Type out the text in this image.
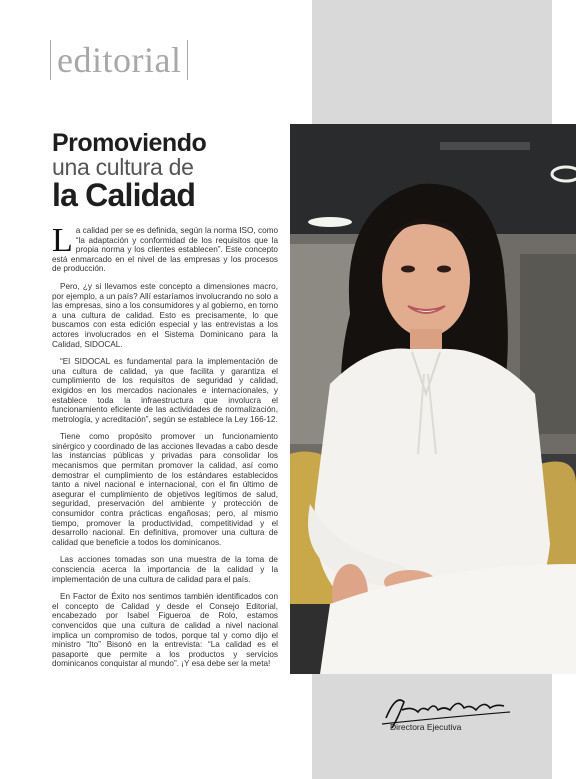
editorial
Promoviendo
una cultura de
la Calidad

La calidad per se es definida, según la norma ISO, como “la adaptación y conformidad de los requisitos que la propia norma y los clientes establecen”. Este concepto está enmarcado en el nivel de las empresas y los procesos de producción.

Pero, ¿y si llevamos este concepto a dimensiones macro, por ejemplo, a un país? Allí estaríamos involucrando no solo a las empresas, sino a los consumidores y al gobierno, en torno a una cultura de calidad. Esto es precisamente, lo que buscamos con esta edición especial y las entrevistas a los actores involucrados en el Sistema Dominicano para la Calidad, SIDOCAL.

“El SIDOCAL es fundamental para la implementación de una cultura de calidad, ya que facilita y garantiza el cumplimiento de los requisitos de seguridad y calidad, exigidos en los mercados nacionales e internacionales, y establece toda la infraestructura que involucra el funcionamiento eficiente de las actividades de normalización, metrología, y acreditación”, según se establece la Ley 166-12.

Tiene como propósito promover un funcionamiento sinérgico y coordinado de las acciones llevadas a cabo desde las instancias públicas y privadas para consolidar los mecanismos que permitan promover la calidad, así como demostrar el cumplimiento de los estándares establecidos tanto a nivel nacional e internacional, con el fin último de asegurar el cumplimiento de objetivos legítimos de salud, seguridad, preservación del ambiente y protección de consumidor contra prácticas engañosas; pero, al mismo tiempo, promover la productividad, competitividad y el desarrollo nacional. En definitiva, promover una cultura de calidad que beneficie a todos los dominicanos.

Las acciones tomadas son una muestra de la toma de consciencia acerca la importancia de la calidad y la implementación de una cultura de calidad para el país.

En Factor de Éxito nos sentimos también identificados con el concepto de Calidad y desde el Consejo Editorial, encabezado por Isabel Figueroa de Rolo, estamos convencidos que una cultura de calidad a nivel nacional implica un compromiso de todos, porque tal y como dijo el ministro “Ito” Bisonó en la entrevista: “La calidad es el pasaporte que permite a los productos y servicios dominicanos conquistar al mundo”. ¡Y esa debe ser la meta!

Directora Ejecutiva
